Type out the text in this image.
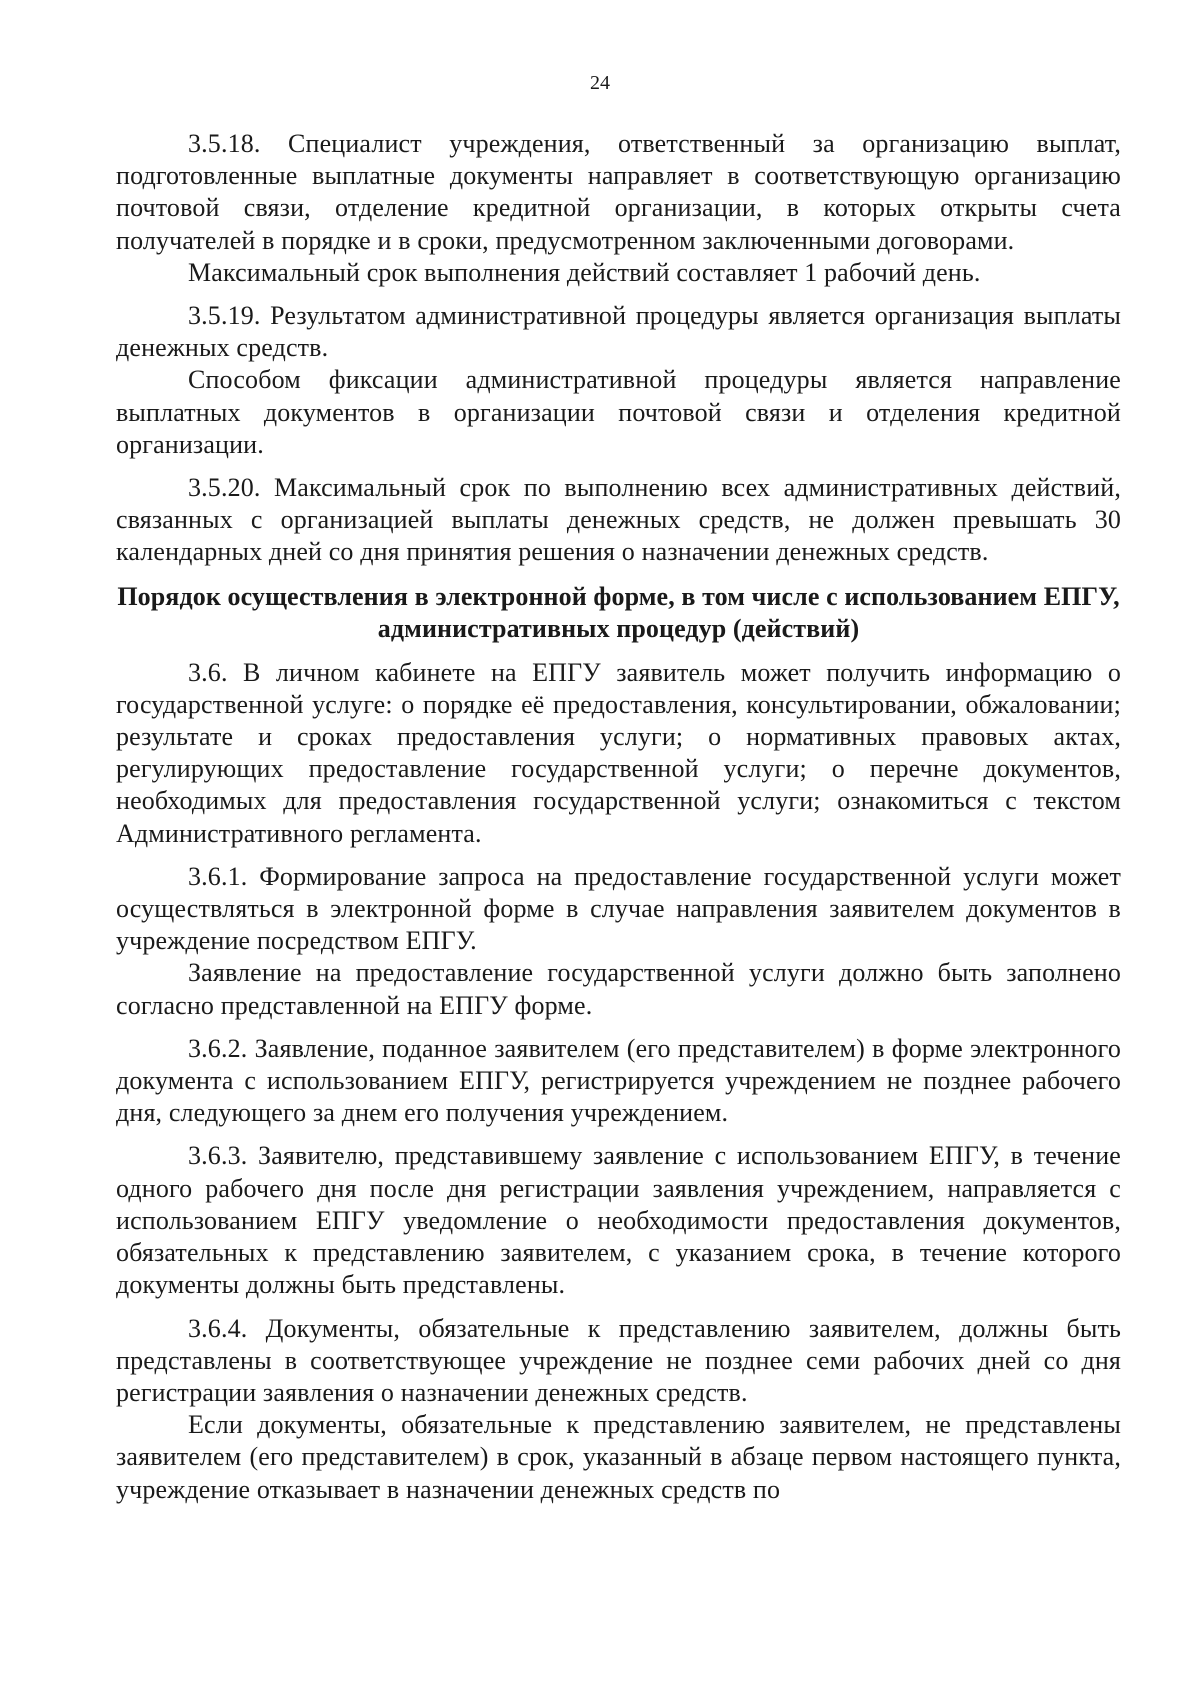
24

3.5.18. Специалист учреждения, ответственный за организацию выплат, подготовленные выплатные документы направляет в соответствующую организацию почтовой связи, отделение кредитной организации, в которых открыты счета получателей в порядке и в сроки, предусмотренном заключенными договорами.

Максимальный срок выполнения действий составляет 1 рабочий день.

3.5.19. Результатом административной процедуры является организация выплаты денежных средств.

Способом фиксации административной процедуры является направление выплатных документов в организации почтовой связи и отделения кредитной организации.

3.5.20. Максимальный срок по выполнению всех административных действий, связанных с организацией выплаты денежных средств, не должен превышать 30 календарных дней со дня принятия решения о назначении денежных средств.

Порядок осуществления в электронной форме, в том числе с использованием ЕПГУ, административных процедур (действий)

3.6. В личном кабинете на ЕПГУ заявитель может получить информацию о государственной услуге: о порядке её предоставления, консультировании, обжаловании; результате и сроках предоставления услуги; о нормативных правовых актах, регулирующих предоставление государственной услуги; о перечне документов, необходимых для предоставления государственной услуги; ознакомиться с текстом Административного регламента.

3.6.1. Формирование запроса на предоставление государственной услуги может осуществляться в электронной форме в случае направления заявителем документов в учреждение посредством ЕПГУ.

Заявление на предоставление государственной услуги должно быть заполнено согласно представленной на ЕПГУ форме.

3.6.2. Заявление, поданное заявителем (его представителем) в форме электронного документа с использованием ЕПГУ, регистрируется учреждением не позднее рабочего дня, следующего за днем его получения учреждением.

3.6.3. Заявителю, представившему заявление с использованием ЕПГУ, в течение одного рабочего дня после дня регистрации заявления учреждением, направляется с использованием ЕПГУ уведомление о необходимости предоставления документов, обязательных к представлению заявителем, с указанием срока, в течение которого документы должны быть представлены.

3.6.4. Документы, обязательные к представлению заявителем, должны быть представлены в соответствующее учреждение не позднее семи рабочих дней со дня регистрации заявления о назначении денежных средств.

Если документы, обязательные к представлению заявителем, не представлены заявителем (его представителем) в срок, указанный в абзаце первом настоящего пункта, учреждение отказывает в назначении денежных средств по
